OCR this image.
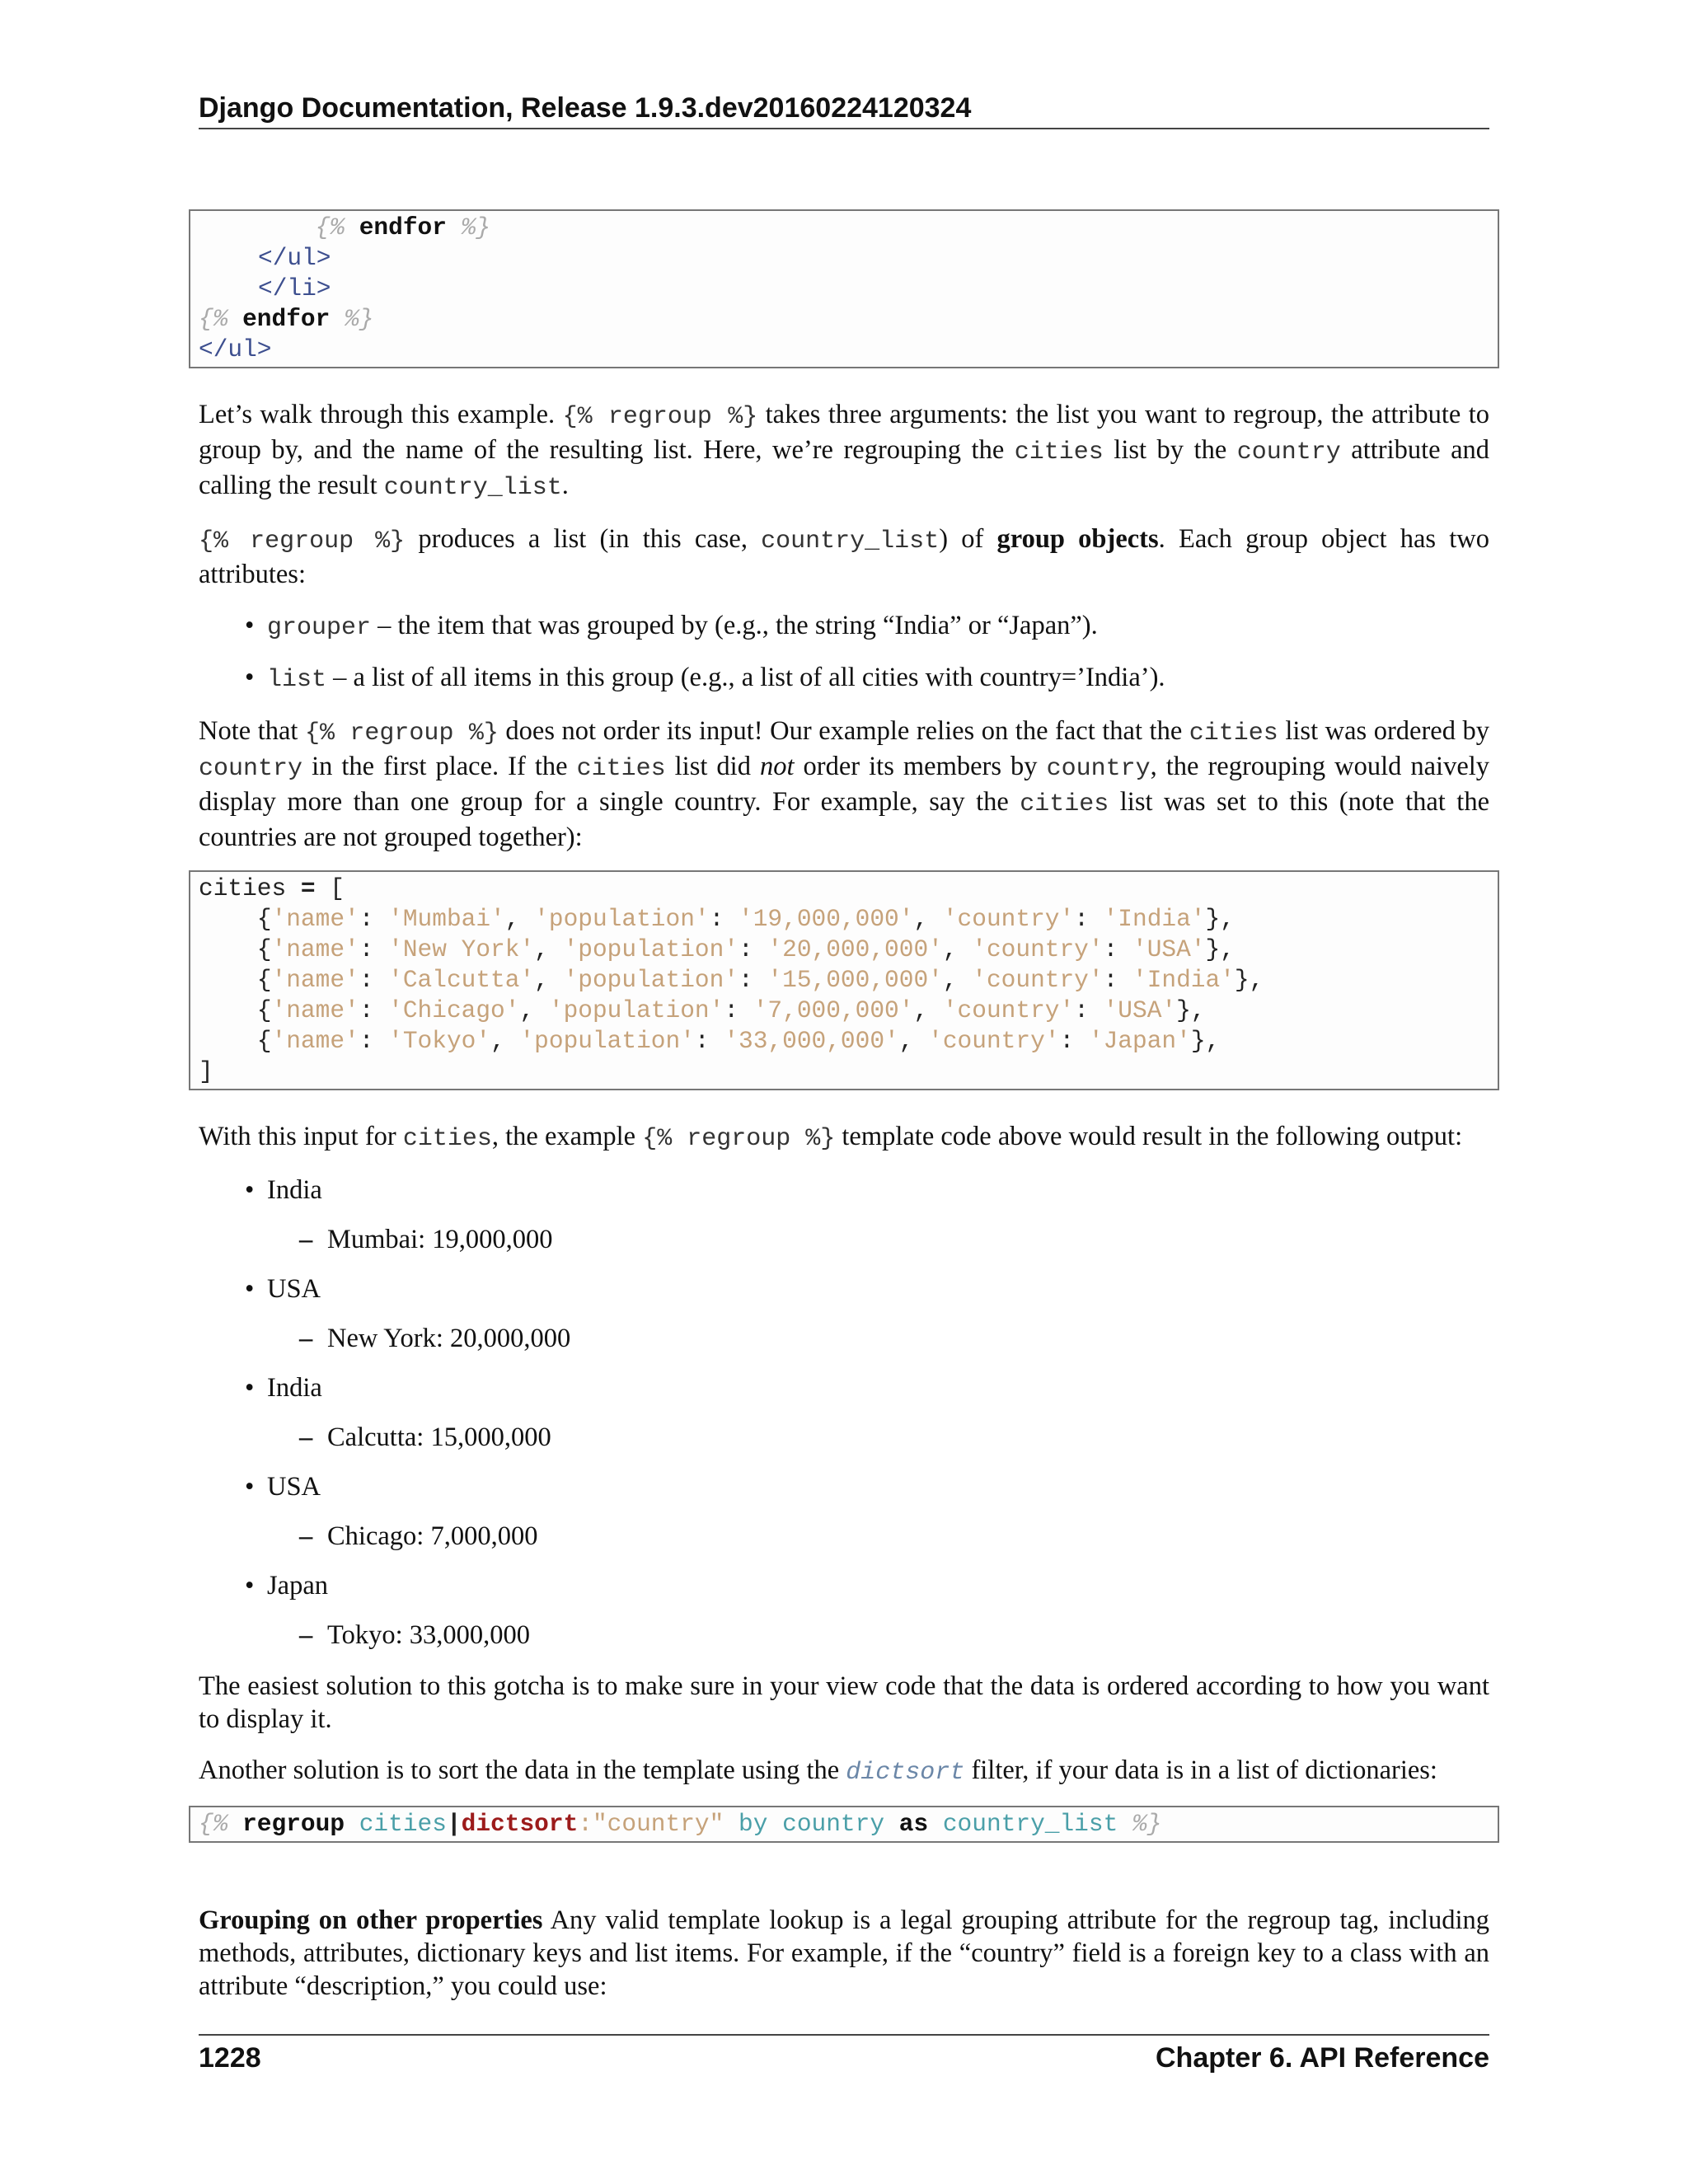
Django Documentation, Release 1.9.3.dev20160224120324
{% endfor %}
</ul>
</li>
{% endfor %}
</ul>

Let’s walk through this example. {% regroup %} takes three arguments: the list you want to regroup, the attribute to group by, and the name of the resulting list. Here, we’re regrouping the cities list by the country attribute and calling the result country_list.

{% regroup %} produces a list (in this case, country_list) of group objects. Each group object has two attributes:

• grouper – the item that was grouped by (e.g., the string “India” or “Japan”).
• list – a list of all items in this group (e.g., a list of all cities with country=’India’).

Note that {% regroup %} does not order its input! Our example relies on the fact that the cities list was ordered by country in the first place. If the cities list did not order its members by country, the regrouping would naively display more than one group for a single country. For example, say the cities list was set to this (note that the countries are not grouped together):

cities = [
{'name': 'Mumbai', 'population': '19,000,000', 'country': 'India'},
{'name': 'New York', 'population': '20,000,000', 'country': 'USA'},
{'name': 'Calcutta', 'population': '15,000,000', 'country': 'India'},
{'name': 'Chicago', 'population': '7,000,000', 'country': 'USA'},
{'name': 'Tokyo', 'population': '33,000,000', 'country': 'Japan'},
]

With this input for cities, the example {% regroup %} template code above would result in the following output:

• India
– Mumbai: 19,000,000
• USA
– New York: 20,000,000
• India
– Calcutta: 15,000,000
• USA
– Chicago: 7,000,000
• Japan
– Tokyo: 33,000,000

The easiest solution to this gotcha is to make sure in your view code that the data is ordered according to how you want to display it.

Another solution is to sort the data in the template using the dictsort filter, if your data is in a list of dictionaries:

{% regroup cities|dictsort:"country" by country as country_list %}

Grouping on other properties Any valid template lookup is a legal grouping attribute for the regroup tag, including methods, attributes, dictionary keys and list items. For example, if the “country” field is a foreign key to a class with an attribute “description,” you could use:

1228	Chapter 6. API Reference
